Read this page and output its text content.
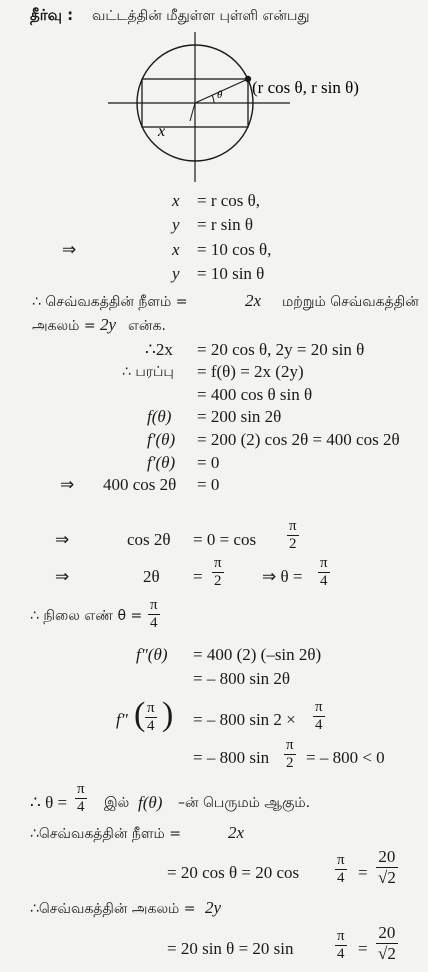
தீர்வு : வட்டத்தின் மீதுள்ள புள்ளி என்பது
θ
x
(r cos θ, r sin θ)
x = r cos θ,
y = r sin θ
⇒	x = 10 cos θ,
y = 10 sin θ
∴ செவ்வகத்தின் நீளம் =	2x மற்றும் செவ்வகத்தின்
அகலம் = 2y என்க.
∴2x = 20 cos θ, 2y = 20 sin θ
∴ பரப்பு = f(θ) = 2x (2y)
= 400 cos θ sin θ
f(θ) = 200 sin 2θ
f′(θ) = 200 (2) cos 2θ = 400 cos 2θ
f′(θ) = 0
⇒ 400 cos 2θ = 0
⇒	$\cos 2\theta = 0 = \cos \frac{\pi}{2}$
⇒	$2\theta = \frac{\pi}{2}$ ⇒ $\theta = \frac{\pi}{4}$
∴ நிலை எண் $\theta = \frac{\pi}{4}$
f″(θ) = 400 (2) (–sin 2θ)
= – 800 sin 2θ
f″ ( $\frac{\pi}{4}$ ) = – 800 $\sin 2 \times \frac{\pi}{4}$
= – 800 $\sin \frac{\pi}{2}$ = – 800 < 0
∴ $\theta = \frac{\pi}{4}$ இல் f(θ) –ன் பெருமம் ஆகும்.
∴செவ்வகத்தின் நீளம் =	2x
= 20 cos θ = 20 $\cos \frac{\pi}{4} = \frac{20}{√2}$
∴செவ்வகத்தின் அகலம் = 2y
= 20 sin θ = 20 sin	$\frac{\pi}{4} = \frac{20}{√2}$
